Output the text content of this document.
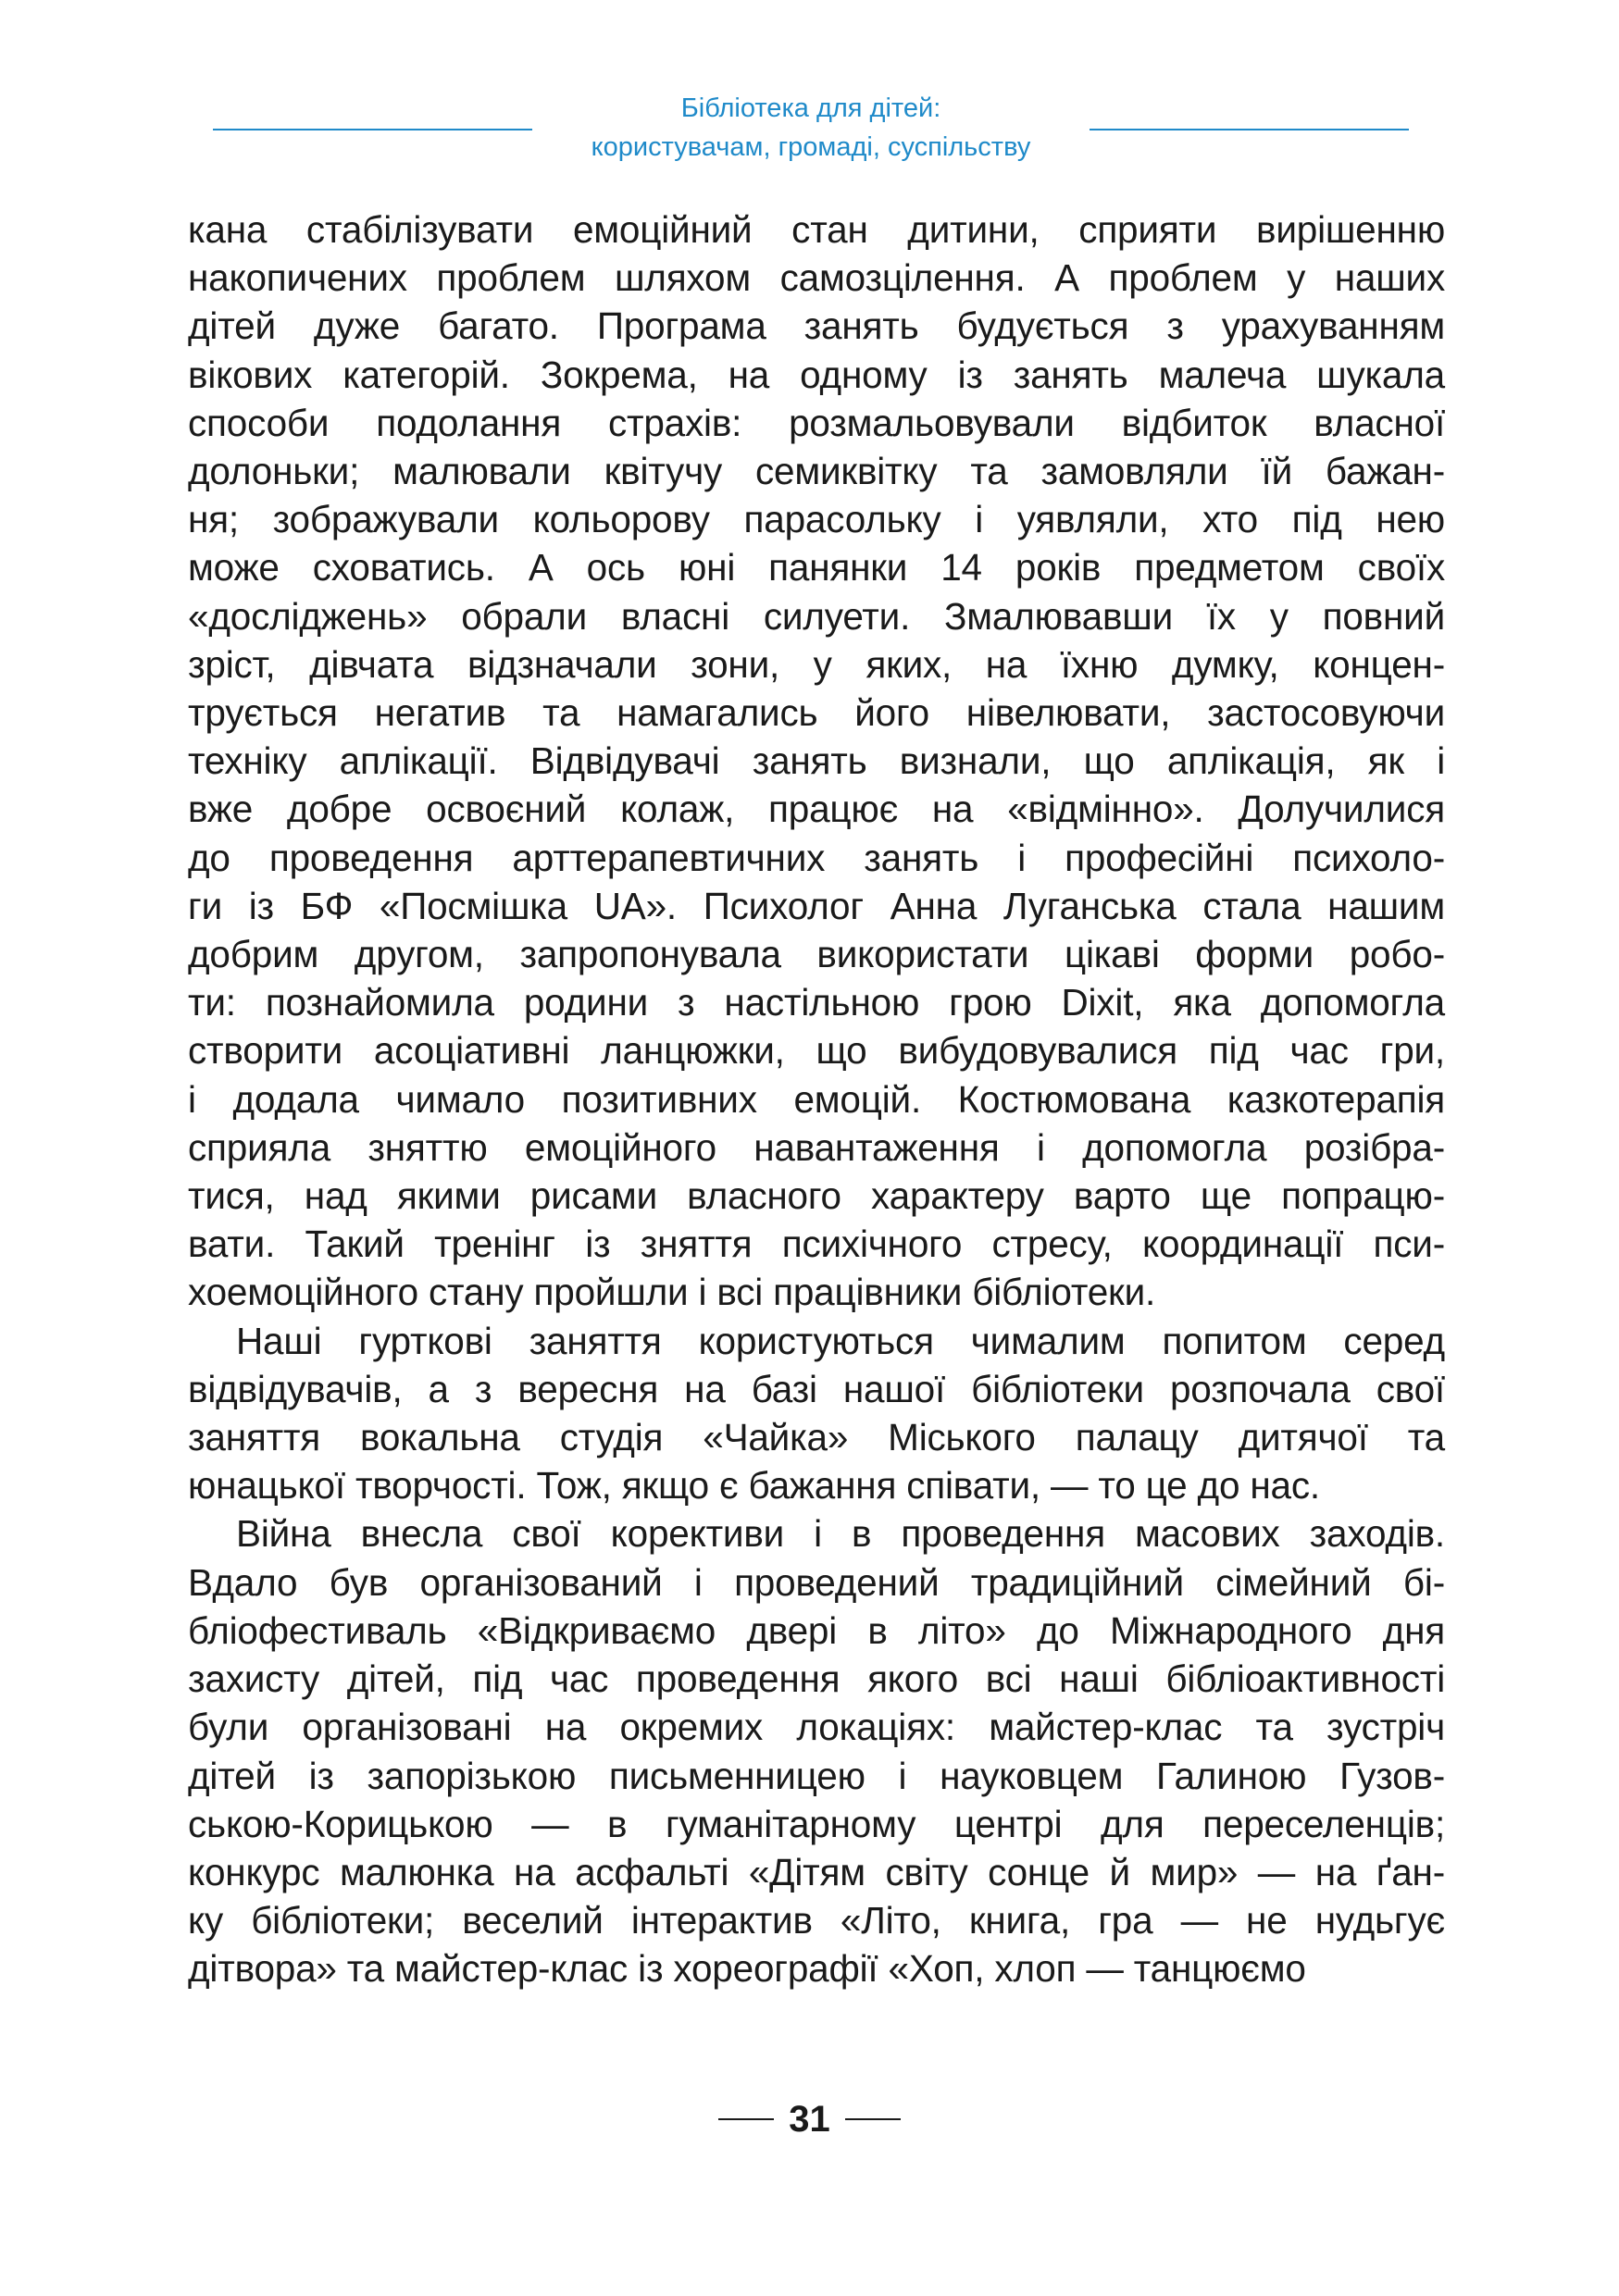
Бібліотека для дітей:
користувачам, громаді, суспільству
кана стабілізувати емоційний стан дитини, сприяти вирішенню
накопичених проблем шляхом самозцілення. А проблем у наших
дітей дуже багато. Програма занять будується з урахуванням
вікових категорій. Зокрема, на одному із занять малеча шукала
способи подолання страхів: розмальовували відбиток власної
долоньки; малювали квітучу семиквітку та замовляли їй бажан-
ня; зображували кольорову парасольку і уявляли, хто під нею
може сховатись. А ось юні панянки 14 років предметом своїх
«досліджень» обрали власні силуети. Змалювавши їх у повний
зріст, дівчата відзначали зони, у яких, на їхню думку, концен-
трується негатив та намагались його нівелювати, застосовуючи
техніку аплікації. Відвідувачі занять визнали, що аплікація, як і
вже добре освоєний колаж, працює на «відмінно». Долучилися
до проведення арттерапевтичних занять і професійні психоло-
ги із БФ «Посмішка UA». Психолог Анна Луганська стала нашим
добрим другом, запропонувала використати цікаві форми робо-
ти: познайомила родини з настільною грою Dixit, яка допомогла
створити асоціативні ланцюжки, що вибудовувалися під час гри,
і додала чимало позитивних емоцій. Костюмована казкотерапія
сприяла зняттю емоційного навантаження і допомогла розібра-
тися, над якими рисами власного характеру варто ще попрацю-
вати. Такий тренінг із зняття психічного стресу, координації пси-
хоемоційного стану пройшли і всі працівники бібліотеки.
Наші гурткові заняття користуються чималим попитом серед
відвідувачів, а з вересня на базі нашої бібліотеки розпочала свої
заняття вокальна студія «Чайка» Міського палацу дитячої та
юнацької творчості. Тож, якщо є бажання співати, — то це до нас.
Війна внесла свої корективи і в проведення масових заходів.
Вдало був організований і проведений традиційний сімейний бі-
бліофестиваль «Відкриваємо двері в літо» до Міжнародного дня
захисту дітей, під час проведення якого всі наші бібліоактивності
були організовані на окремих локаціях: майстер-клас та зустріч
дітей із запорізькою письменницею і науковцем Галиною Гузов-
ською-Корицькою — в гуманітарному центрі для переселенців;
конкурс малюнка на асфальті «Дітям світу сонце й мир» — на ґан-
ку бібліотеки; веселий інтерактив «Літо, книга, гра — не нудьгує
дітвора» та майстер-клас із хореографії «Хоп, хлоп — танцюємо
31
